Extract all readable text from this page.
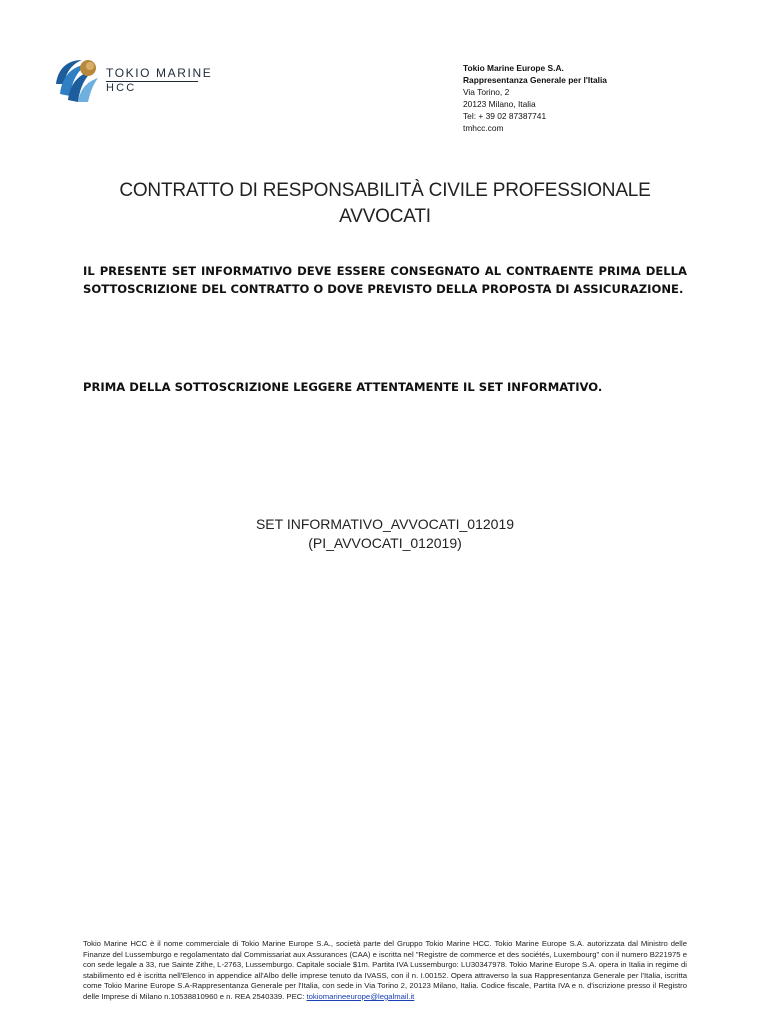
TOKIO MARINE
HCC
Tokio Marine Europe S.A.
Rappresentanza Generale per l'Italia
Via Torino, 2
20123 Milano, Italia
Tel: + 39 02 87387741
tmhcc.com
CONTRATTO DI RESPONSABILITÀ CIVILE PROFESSIONALE
AVVOCATI
IL PRESENTE SET INFORMATIVO DEVE ESSERE CONSEGNATO AL CONTRAENTE PRIMA DELLA SOTTOSCRIZIONE DEL CONTRATTO O DOVE PREVISTO DELLA PROPOSTA DI ASSICURAZIONE.
PRIMA DELLA SOTTOSCRIZIONE LEGGERE ATTENTAMENTE IL SET INFORMATIVO.
SET INFORMATIVO_AVVOCATI_012019
(PI_AVVOCATI_012019)
Tokio Marine HCC è il nome commerciale di Tokio Marine Europe S.A., società parte del Gruppo Tokio Marine HCC. Tokio Marine Europe S.A. autorizzata dal Ministro delle Finanze del Lussemburgo e regolamentato dal Commissariat aux Assurances (CAA) e iscritta nel "Registre de commerce et des sociétés, Luxembourg" con il numero B221975 e con sede legale a 33, rue Sainte Zithe, L-2763, Lussemburgo. Capitale sociale $1m. Partita IVA Lussemburgo: LU30347978. Tokio Marine Europe S.A. opera in Italia in regime di stabilimento ed è iscritta nell'Elenco in appendice all'Albo delle imprese tenuto da IVASS, con il n. I.00152. Opera attraverso la sua Rappresentanza Generale per l'Italia, iscritta come Tokio Marine Europe S.A-Rappresentanza Generale per l'Italia, con sede in Via Torino 2, 20123 Milano, Italia. Codice fiscale, Partita IVA e n. d'iscrizione presso il Registro delle Imprese di Milano n.10538810960 e n. REA 2540339. PEC: tokiomarineeurope@legalmail.it
